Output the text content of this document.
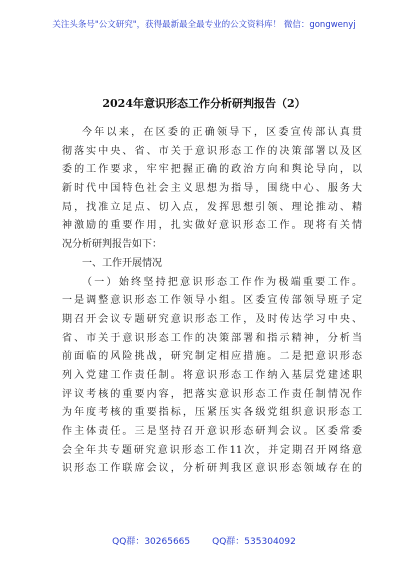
关注头条号"公文研究"，获得最新最全最专业的公文资料库！ 微信：gongwenyj
2024年意识形态工作分析研判报告（2）
今年以来，在区委的正确领导下，区委宣传部认真贯
彻落实中央、省、市关于意识形态工作的决策部署以及区
委的工作要求，牢牢把握正确的政治方向和舆论导向，以
新时代中国特色社会主义思想为指导，围绕中心、服务大
局，找准立足点、切入点，发挥思想引领、理论推动、精
神激励的重要作用，扎实做好意识形态工作。现将有关情
况分析研判报告如下：
一、工作开展情况
（一）始终坚持把意识形态工作作为极端重要工作。
一是调整意识形态工作领导小组。区委宣传部领导班子定
期召开会议专题研究意识形态工作，及时传达学习中央、
省、市关于意识形态工作的决策部署和指示精神，分析当
前面临的风险挑战，研究制定相应措施。二是把意识形态
列入党建工作责任制。将意识形态工作纳入基层党建述职
评议考核的重要内容，把落实意识形态工作责任制情况作
为年度考核的重要指标，压紧压实各级党组织意识形态工
作主体责任。三是坚持召开意识形态研判会议。区委常委
会全年共专题研究意识形态工作11次，并定期召开网络意
识形态工作联席会议，分析研判我区意识形态领域存在的
QQ群：30265665 QQ群：535304092
